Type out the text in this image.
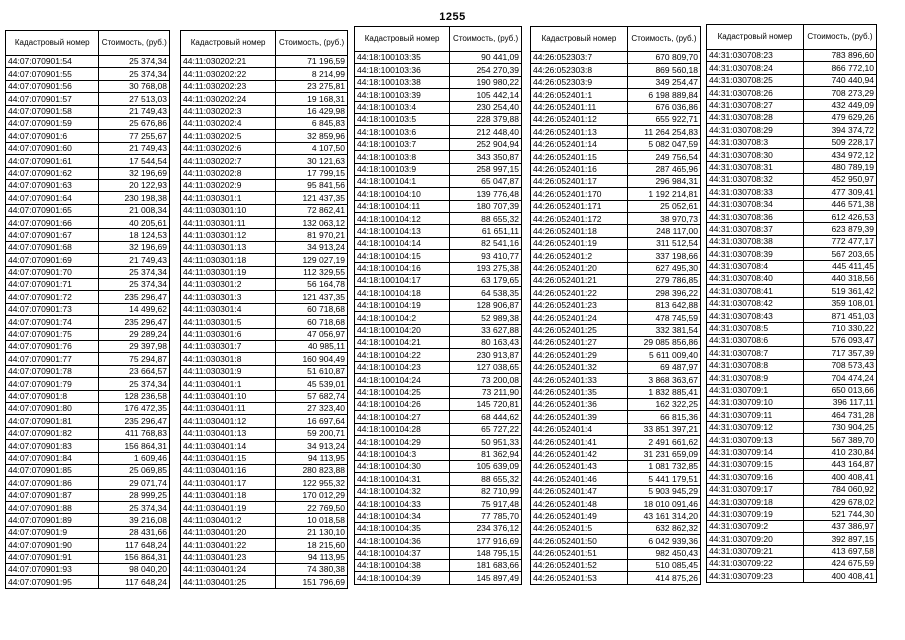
1255
Кадастровый номер	Стоимость, (руб.)
44:07:070901:54	25 374,34
44:07:070901:55	25 374,34
44:07:070901:56	30 768,08
44:07:070901:57	27 513,03
44:07:070901:58	21 749,43
44:07:070901:59	25 676,86
44:07:070901:6	77 255,67
44:07:070901:60	21 749,43
44:07:070901:61	17 544,54
44:07:070901:62	32 196,69
44:07:070901:63	20 122,93
44:07:070901:64	230 198,38
44:07:070901:65	21 008,34
44:07:070901:66	40 205,61
44:07:070901:67	18 124,53
44:07:070901:68	32 196,69
44:07:070901:69	21 749,43
44:07:070901:70	25 374,34
44:07:070901:71	25 374,34
44:07:070901:72	235 296,47
44:07:070901:73	14 499,62
44:07:070901:74	235 296,47
44:07:070901:75	29 289,24
44:07:070901:76	29 397,98
44:07:070901:77	75 294,87
44:07:070901:78	23 664,57
44:07:070901:79	25 374,34
44:07:070901:8	128 236,58
44:07:070901:80	176 472,35
44:07:070901:81	235 296,47
44:07:070901:82	411 768,83
44:07:070901:83	156 864,31
44:07:070901:84	1 609,46
44:07:070901:85	25 069,85
44:07:070901:86	29 071,74
44:07:070901:87	28 999,25
44:07:070901:88	25 374,34
44:07:070901:89	39 216,08
44:07:070901:9	28 431,66
44:07:070901:90	117 648,24
44:07:070901:91	156 864,31
44:07:070901:93	98 040,20
44:07:070901:95	117 648,24
Кадастровый номер	Стоимость, (руб.)
44:11:030202:21	71 196,59
44:11:030202:22	8 214,99
44:11:030202:23	23 275,81
44:11:030202:24	19 168,31
44:11:030202:3	16 429,98
44:11:030202:4	6 845,83
44:11:030202:5	32 859,96
44:11:030202:6	4 107,50
44:11:030202:7	30 121,63
44:11:030202:8	17 799,15
44:11:030202:9	95 841,56
44:11:030301:1	121 437,35
44:11:030301:10	72 862,41
44:11:030301:11	132 063,12
44:11:030301:12	81 970,21
44:11:030301:13	34 913,24
44:11:030301:18	129 027,19
44:11:030301:19	112 329,55
44:11:030301:2	56 164,78
44:11:030301:3	121 437,35
44:11:030301:4	60 718,68
44:11:030301:5	60 718,68
44:11:030301:6	47 056,97
44:11:030301:7	40 985,11
44:11:030301:8	160 904,49
44:11:030301:9	51 610,87
44:11:030401:1	45 539,01
44:11:030401:10	57 682,74
44:11:030401:11	27 323,40
44:11:030401:12	16 697,64
44:11:030401:13	59 200,71
44:11:030401:14	34 913,24
44:11:030401:15	94 113,95
44:11:030401:16	280 823,88
44:11:030401:17	122 955,32
44:11:030401:18	170 012,29
44:11:030401:19	22 769,50
44:11:030401:2	10 018,58
44:11:030401:20	21 130,10
44:11:030401:22	18 215,60
44:11:030401:23	94 113,95
44:11:030401:24	74 380,38
44:11:030401:25	151 796,69
Кадастровый номер	Стоимость, (руб.)
44:18:100103:35	90 441,09
44:18:100103:36	254 270,39
44:18:100103:38	190 980,22
44:18:100103:39	105 442,14
44:18:100103:4	230 254,40
44:18:100103:5	228 379,88
44:18:100103:6	212 448,40
44:18:100103:7	252 904,94
44:18:100103:8	343 350,87
44:18:100103:9	258 997,15
44:18:100104:1	65 047,87
44:18:100104:10	139 776,48
44:18:100104:11	180 707,39
44:18:100104:12	88 655,32
44:18:100104:13	61 651,11
44:18:100104:14	82 541,16
44:18:100104:15	93 410,77
44:18:100104:16	193 275,38
44:18:100104:17	63 179,65
44:18:100104:18	64 538,35
44:18:100104:19	128 906,87
44:18:100104:2	52 989,38
44:18:100104:20	33 627,88
44:18:100104:21	80 163,43
44:18:100104:22	230 913,87
44:18:100104:23	127 038,65
44:18:100104:24	73 200,08
44:18:100104:25	73 211,90
44:18:100104:26	145 720,81
44:18:100104:27	68 444,62
44:18:100104:28	65 727,22
44:18:100104:29	50 951,33
44:18:100104:3	81 362,94
44:18:100104:30	105 639,09
44:18:100104:31	88 655,32
44:18:100104:32	82 710,99
44:18:100104:33	75 917,48
44:18:100104:34	77 785,70
44:18:100104:35	234 376,12
44:18:100104:36	177 916,69
44:18:100104:37	148 795,15
44:18:100104:38	181 683,66
44:18:100104:39	145 897,49
Кадастровый номер	Стоимость, (руб.)
44:26:052303:7	670 809,70
44:26:052303:8	869 560,18
44:26:052303:9	349 254,47
44:26:052401:1	6 198 889,84
44:26:052401:11	676 036,86
44:26:052401:12	655 922,71
44:26:052401:13	11 264 254,83
44:26:052401:14	5 082 047,59
44:26:052401:15	249 756,54
44:26:052401:16	287 465,96
44:26:052401:17	296 984,31
44:26:052401:170	1 192 214,81
44:26:052401:171	25 052,61
44:26:052401:172	38 970,73
44:26:052401:18	248 117,00
44:26:052401:19	311 512,54
44:26:052401:2	337 198,66
44:26:052401:20	627 495,30
44:26:052401:21	279 786,85
44:26:052401:22	298 396,22
44:26:052401:23	813 642,88
44:26:052401:24	478 745,59
44:26:052401:25	332 381,54
44:26:052401:27	29 085 856,86
44:26:052401:29	5 611 009,40
44:26:052401:32	69 487,97
44:26:052401:33	3 868 363,67
44:26:052401:35	1 832 885,41
44:26:052401:36	162 322,25
44:26:052401:39	66 815,36
44:26:052401:4	33 851 397,21
44:26:052401:41	2 491 661,62
44:26:052401:42	31 231 659,09
44:26:052401:43	1 081 732,85
44:26:052401:46	5 441 179,51
44:26:052401:47	5 903 945,29
44:26:052401:48	18 010 091,46
44:26:052401:49	43 161 314,20
44:26:052401:5	632 862,32
44:26:052401:50	6 042 939,36
44:26:052401:51	982 450,43
44:26:052401:52	510 085,45
44:26:052401:53	414 875,26
Кадастровый номер	Стоимость, (руб.)
44:31:030708:23	783 896,60
44:31:030708:24	866 772,10
44:31:030708:25	740 440,94
44:31:030708:26	708 273,29
44:31:030708:27	432 449,09
44:31:030708:28	479 629,26
44:31:030708:29	394 374,72
44:31:030708:3	509 228,17
44:31:030708:30	434 972,12
44:31:030708:31	480 789,19
44:31:030708:32	452 950,97
44:31:030708:33	477 309,41
44:31:030708:34	446 571,38
44:31:030708:36	612 426,53
44:31:030708:37	623 879,39
44:31:030708:38	772 477,17
44:31:030708:39	567 203,65
44:31:030708:4	445 411,45
44:31:030708:40	440 318,56
44:31:030708:41	519 361,42
44:31:030708:42	359 108,01
44:31:030708:43	871 451,03
44:31:030708:5	710 330,22
44:31:030708:6	576 093,47
44:31:030708:7	717 357,39
44:31:030708:8	708 573,43
44:31:030708:9	704 474,24
44:31:030709:1	650 013,66
44:31:030709:10	396 117,11
44:31:030709:11	464 731,28
44:31:030709:12	730 904,25
44:31:030709:13	567 389,70
44:31:030709:14	410 230,84
44:31:030709:15	443 164,87
44:31:030709:16	400 408,41
44:31:030709:17	784 060,92
44:31:030709:18	429 678,02
44:31:030709:19	521 744,30
44:31:030709:2	437 386,97
44:31:030709:20	392 897,15
44:31:030709:21	413 697,58
44:31:030709:22	424 675,59
44:31:030709:23	400 408,41
